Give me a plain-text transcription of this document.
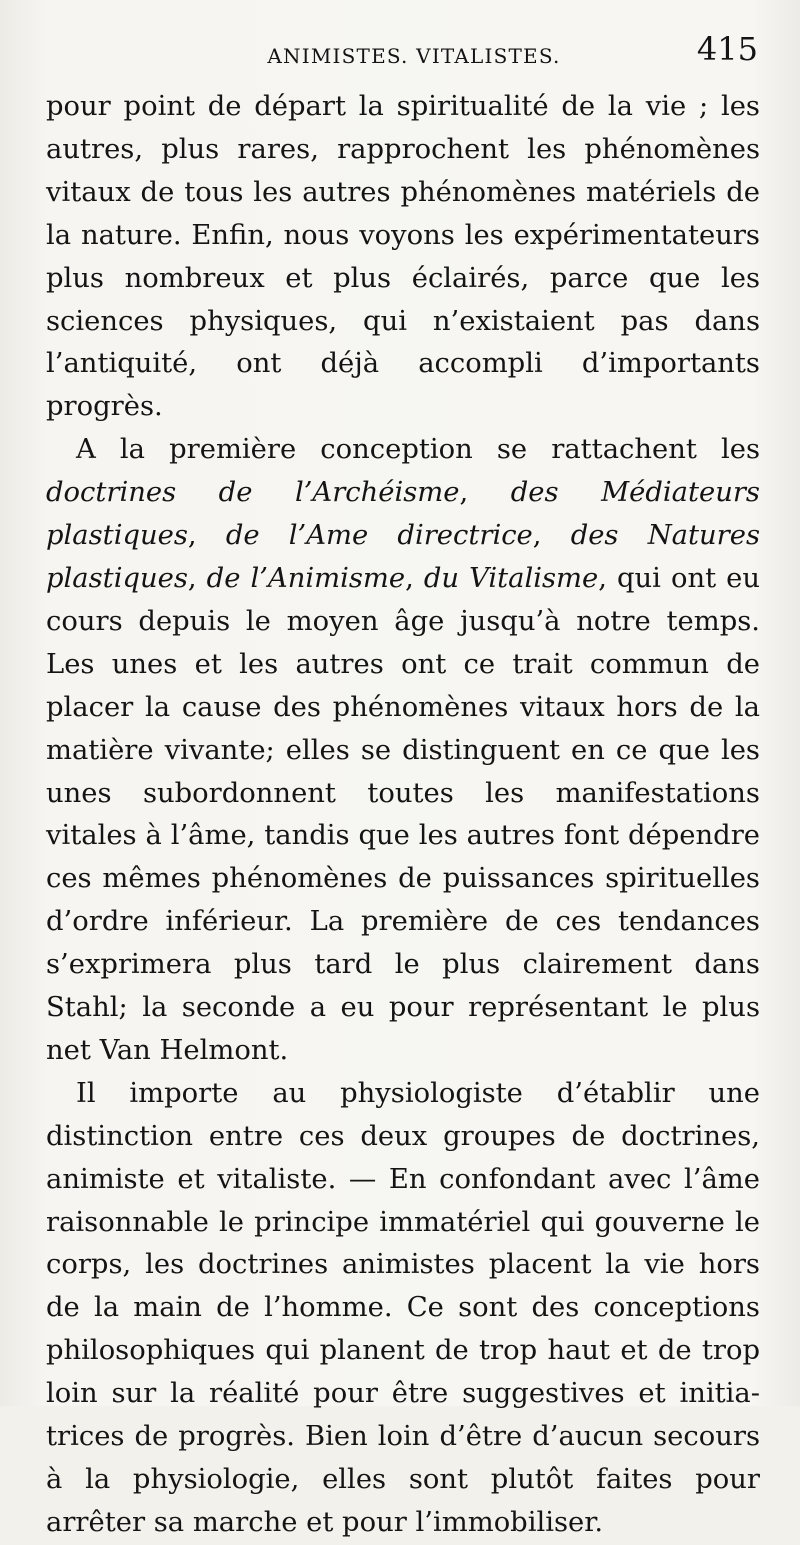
ANIMISTES. VITALISTES.	415

pour point de départ la spiritualité de la vie ; les autres, plus rares, rapprochent les phénomènes vitaux de tous les autres phénomènes matériels de la nature. Enfin, nous voyons les expérimentateurs plus nombreux et plus éclairés, parce que les sciences physiques, qui n’existaient pas dans l’antiquité, ont déjà accompli d’importants progrès.

A la première conception se rattachent les doctrines de l’Archéisme, des Médiateurs plastiques, de l’Ame directrice, des Natures plastiques, de l’Animisme, du Vitalisme, qui ont eu cours depuis le moyen âge jusqu’à notre temps. Les unes et les autres ont ce trait commun de placer la cause des phénomènes vitaux hors de la matière vivante; elles se distinguent en ce que les unes subordonnent toutes les manifestations vitales à l’âme, tandis que les autres font dépendre ces mêmes phénomènes de puissances spirituelles d’ordre inférieur. La première de ces tendances s’exprimera plus tard le plus clairement dans Stahl; la seconde a eu pour représentant le plus net Van Helmont.

Il importe au physiologiste d’établir une distinction entre ces deux groupes de doctrines, animiste et vitaliste. — En confondant avec l’âme raisonnable le principe immatériel qui gouverne le corps, les doctrines animistes placent la vie hors de la main de l’homme. Ce sont des conceptions philosophiques qui planent de trop haut et de trop loin sur la réalité pour être suggestives et initiatrices de progrès. Bien loin d’être d’aucun secours à la physiologie, elles sont plutôt faites pour arrêter sa marche et pour l’immobiliser.
